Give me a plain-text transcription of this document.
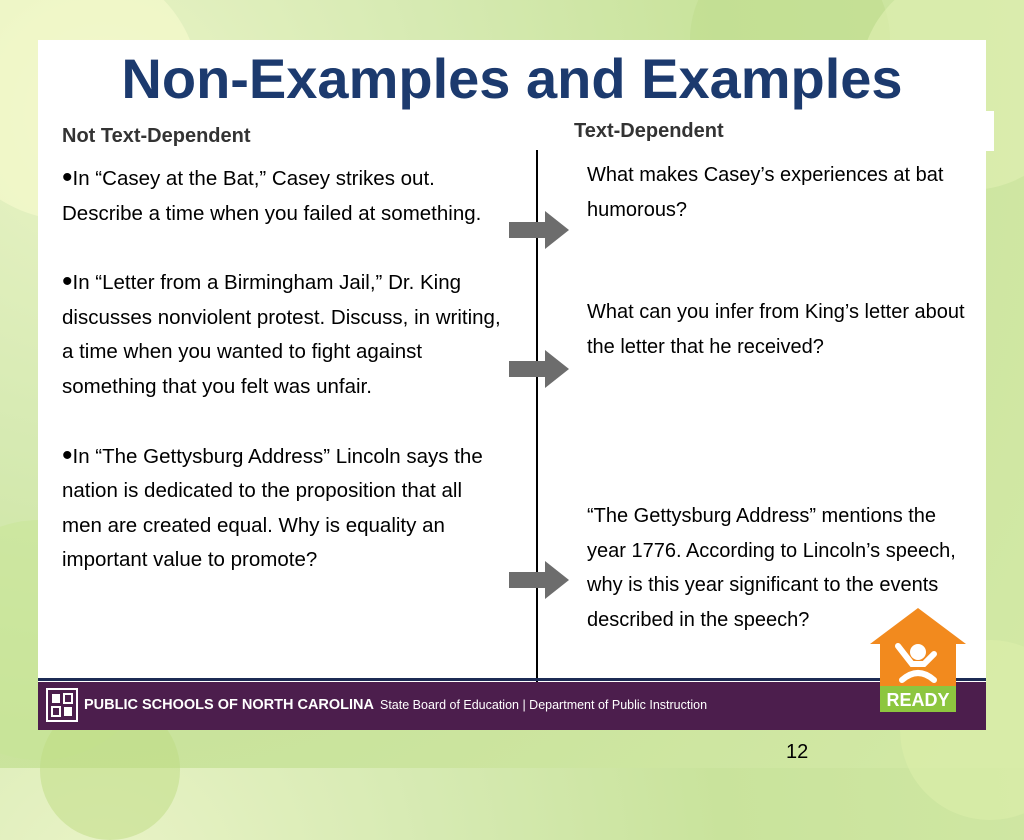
Non-Examples and Examples
Not Text-Dependent	Text-Dependent

•In “Casey at the Bat,” Casey strikes out. Describe a time when you failed at something.

•In “Letter from a Birmingham Jail,” Dr. King discusses nonviolent protest. Discuss, in writing, a time when you wanted to fight against something that you felt was unfair.

•In “The Gettysburg Address” Lincoln says the nation is dedicated to the proposition that all men are created equal. Why is equality an important value to promote?

What makes Casey’s experiences at bat humorous?

What can you infer from King’s letter about the letter that he received?

“The Gettysburg Address” mentions the year 1776. According to Lincoln’s speech, why is this year significant to the events described in the speech?

PUBLIC SCHOOLS OF NORTH CAROLINA State Board of Education | Department of Public Instruction	READY
12
